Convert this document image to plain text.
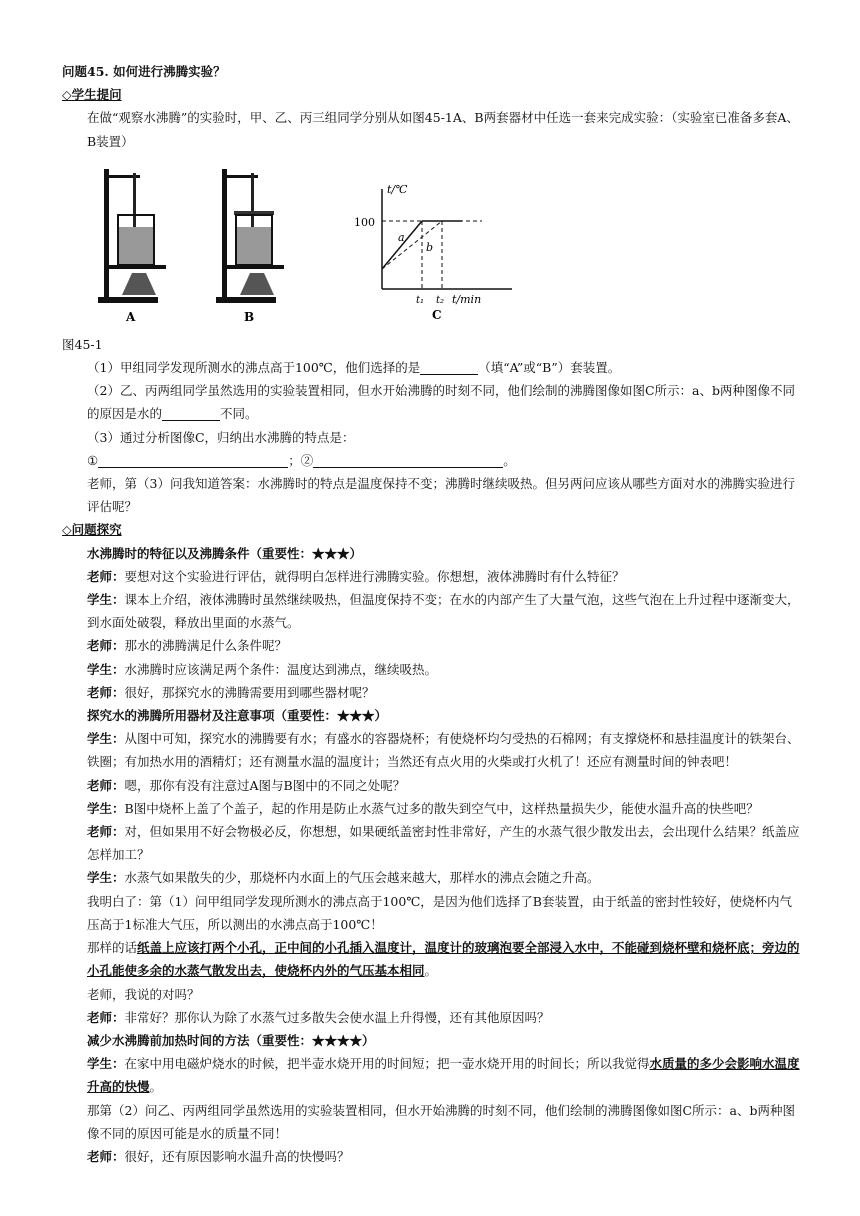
问题45. 如何进行沸腾实验？
◇学生提问
在做“观察水沸腾”的实验时，甲、乙、丙三组同学分别从如图45-1A、B两套器材中任选一套来完成实验：（实验室已准备多套A、B装置）
A	B
t/℃
100
a
b
t₁ t₂ t/min
C
图45-1
（1）甲组同学发现所测水的沸点高于100℃，他们选择的是	（填“A”或“B”）套装置。
（2）乙、丙两组同学虽然选用的实验装置相同，但水开始沸腾的时刻不同，他们绘制的沸腾图像如图C所示：a、b两种图像不同的原因是水的	不同。
（3）通过分析图像C，归纳出水沸腾的特点是：
①	；②	。
老师，第（3）问我知道答案：水沸腾时的特点是温度保持不变；沸腾时继续吸热。但另两问应该从哪些方面对水的沸腾实验进行评估呢？
◇问题探究
水沸腾时的特征以及沸腾条件（重要性：★★★）
老师：要想对这个实验进行评估，就得明白怎样进行沸腾实验。你想想，液体沸腾时有什么特征？
学生：课本上介绍，液体沸腾时虽然继续吸热，但温度保持不变；在水的内部产生了大量气泡，这些气泡在上升过程中逐渐变大，到水面处破裂，释放出里面的水蒸气。
老师：那水的沸腾满足什么条件呢？
学生：水沸腾时应该满足两个条件：温度达到沸点，继续吸热。
老师：很好，那探究水的沸腾需要用到哪些器材呢？
探究水的沸腾所用器材及注意事项（重要性：★★★）
学生：从图中可知，探究水的沸腾要有水；有盛水的容器烧杯；有使烧杯均匀受热的石棉网；有支撑烧杯和悬挂温度计的铁架台、铁圈；有加热水用的酒精灯；还有测量水温的温度计；当然还有点火用的火柴或打火机了！还应有测量时间的钟表吧！
老师：嗯，那你有没有注意过A图与B图中的不同之处呢？
学生：B图中烧杯上盖了个盖子，起的作用是防止水蒸气过多的散失到空气中，这样热量损失少，能使水温升高的快些吧？
老师：对，但如果用不好会物极必反，你想想，如果硬纸盖密封性非常好，产生的水蒸气很少散发出去，会出现什么结果？纸盖应怎样加工？
学生：水蒸气如果散失的少，那烧杯内水面上的气压会越来越大，那样水的沸点会随之升高。
我明白了：第（1）问甲组同学发现所测水的沸点高于100℃，是因为他们选择了B套装置，由于纸盖的密封性较好，使烧杯内气压高于1标准大气压，所以测出的水沸点高于100℃！
那样的话纸盖上应该打两个小孔，正中间的小孔插入温度计，温度计的玻璃泡要全部浸入水中，不能碰到烧杯壁和烧杯底；旁边的小孔能使多余的水蒸气散发出去，使烧杯内外的气压基本相同。
老师，我说的对吗？
老师：非常好？那你认为除了水蒸气过多散失会使水温上升得慢，还有其他原因吗？
减少水沸腾前加热时间的方法（重要性：★★★★）
学生：在家中用电磁炉烧水的时候，把半壶水烧开用的时间短；把一壶水烧开用的时间长；所以我觉得水质量的多少会影响水温度升高的快慢。
那第（2）问乙、丙两组同学虽然选用的实验装置相同，但水开始沸腾的时刻不同，他们绘制的沸腾图像如图C所示：a、b两种图像不同的原因可能是水的质量不同！
老师：很好，还有原因影响水温升高的快慢吗？
